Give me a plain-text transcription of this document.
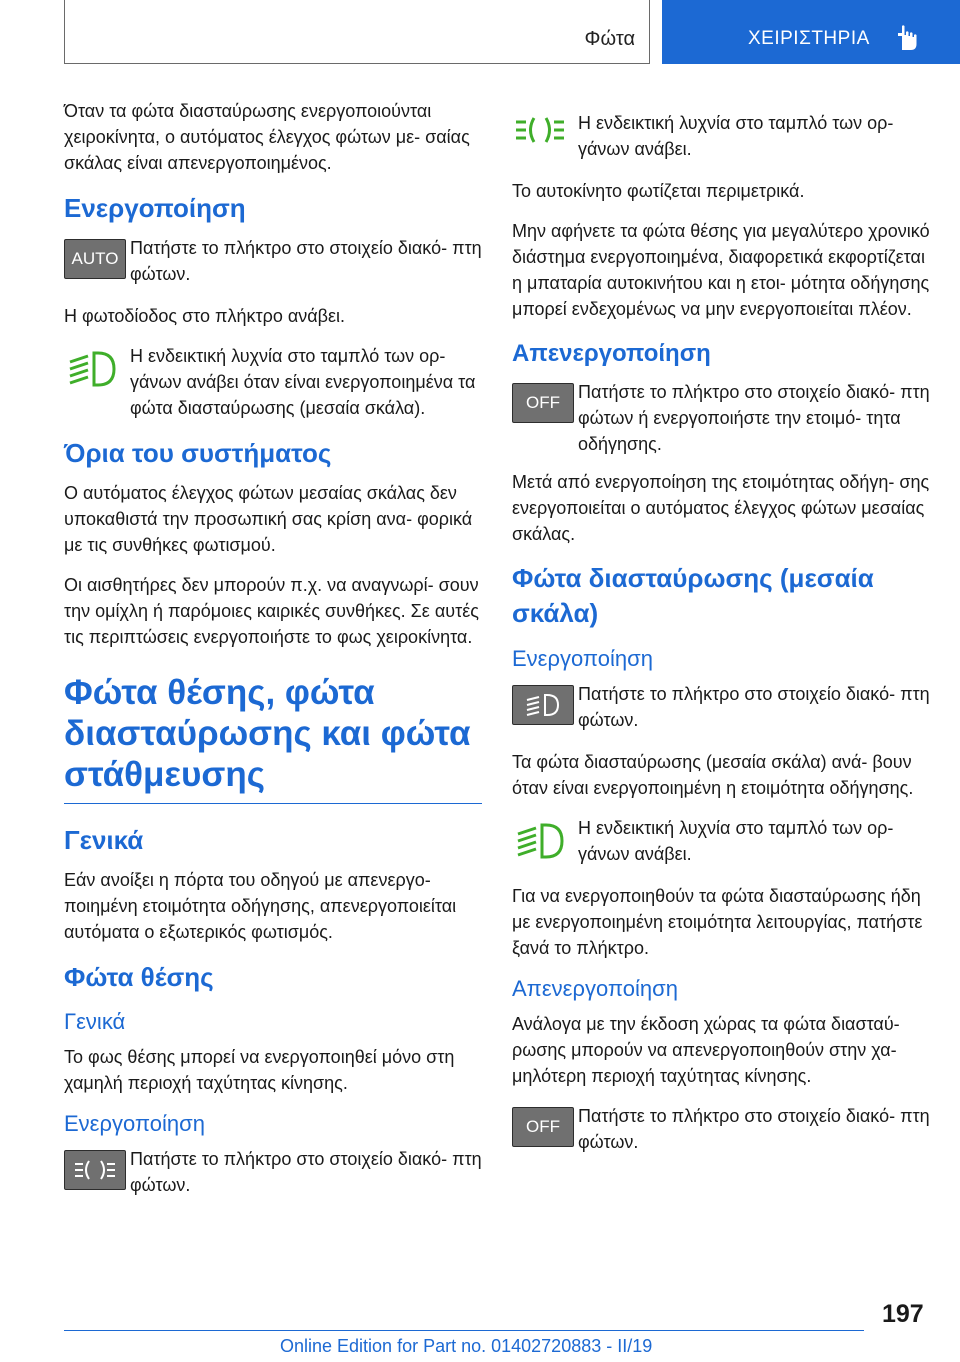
Φώτα	ΧΕΙΡΙΣΤΗΡΙΑ

Όταν τα φώτα διασταύρωσης ενεργοποιούνται χειροκίνητα, ο αυτόματος έλεγχος φώτων με- σαίας σκάλας είναι απενεργοποιημένος.

Ενεργοποίηση
AUTO

Πατήστε το πλήκτρο στο στοιχείο διακό- πτη φώτων.

Η φωτοδίοδος στο πλήκτρο ανάβει.

Η ενδεικτική λυχνία στο ταμπλό των ορ- γάνων ανάβει όταν είναι ενεργοποιημένα τα φώτα διασταύρωσης (μεσαία σκάλα).

Όρια του συστήματος

Ο αυτόματος έλεγχος φώτων μεσαίας σκάλας δεν υποκαθιστά την προσωπική σας κρίση ανα- φορικά με τις συνθήκες φωτισμού.

Οι αισθητήρες δεν μπορούν π.χ. να αναγνωρί- σουν την ομίχλη ή παρόμοιες καιρικές συνθήκες. Σε αυτές τις περιπτώσεις ενεργοποιήστε το φως χειροκίνητα.

Φώτα θέσης, φώτα διασταύρωσης και φώτα στάθμευσης
Γενικά

Εάν ανοίξει η πόρτα του οδηγού με απενεργο- ποιημένη ετοιμότητα οδήγησης, απενεργοποιείται αυτόματα ο εξωτερικός φωτισμός.

Φώτα θέσης
Γενικά

Το φως θέσης μπορεί να ενεργοποιηθεί μόνο στη χαμηλή περιοχή ταχύτητας κίνησης.

Ενεργοποίηση

Πατήστε το πλήκτρο στο στοιχείο διακό- πτη φώτων.

Η ενδεικτική λυχνία στο ταμπλό των ορ- γάνων ανάβει.

Το αυτοκίνητο φωτίζεται περιμετρικά.

Μην αφήνετε τα φώτα θέσης για μεγαλύτερο χρονικό διάστημα ενεργοποιημένα, διαφορετικά εκφορτίζεται η μπαταρία αυτοκινήτου και η ετοι- μότητα οδήγησης μπορεί ενδεχομένως να μην ενεργοποιείται πλέον.

Απενεργοποίηση
OFF

Πατήστε το πλήκτρο στο στοιχείο διακό- πτη φώτων ή ενεργοποιήστε την ετοιμό- τητα οδήγησης.

Μετά από ενεργοποίηση της ετοιμότητας οδήγη- σης ενεργοποιείται ο αυτόματος έλεγχος φώτων μεσαίας σκάλας.

Φώτα διασταύρωσης (μεσαία σκάλα)
Ενεργοποίηση

Πατήστε το πλήκτρο στο στοιχείο διακό- πτη φώτων.

Τα φώτα διασταύρωσης (μεσαία σκάλα) ανά- βουν όταν είναι ενεργοποιημένη η ετοιμότητα οδήγησης.

Η ενδεικτική λυχνία στο ταμπλό των ορ- γάνων ανάβει.

Για να ενεργοποιηθούν τα φώτα διασταύρωσης ήδη με ενεργοποιημένη ετοιμότητα λειτουργίας, πατήστε ξανά το πλήκτρο.

Απενεργοποίηση

Ανάλογα με την έκδοση χώρας τα φώτα διασταύ- ρωσης μπορούν να απενεργοποιηθούν στην χα- μηλότερη περιοχή ταχύτητας κίνησης.

OFF

Πατήστε το πλήκτρο στο στοιχείο διακό- πτη φώτων.

197
Online Edition for Part no. 01402720883 - II/19
